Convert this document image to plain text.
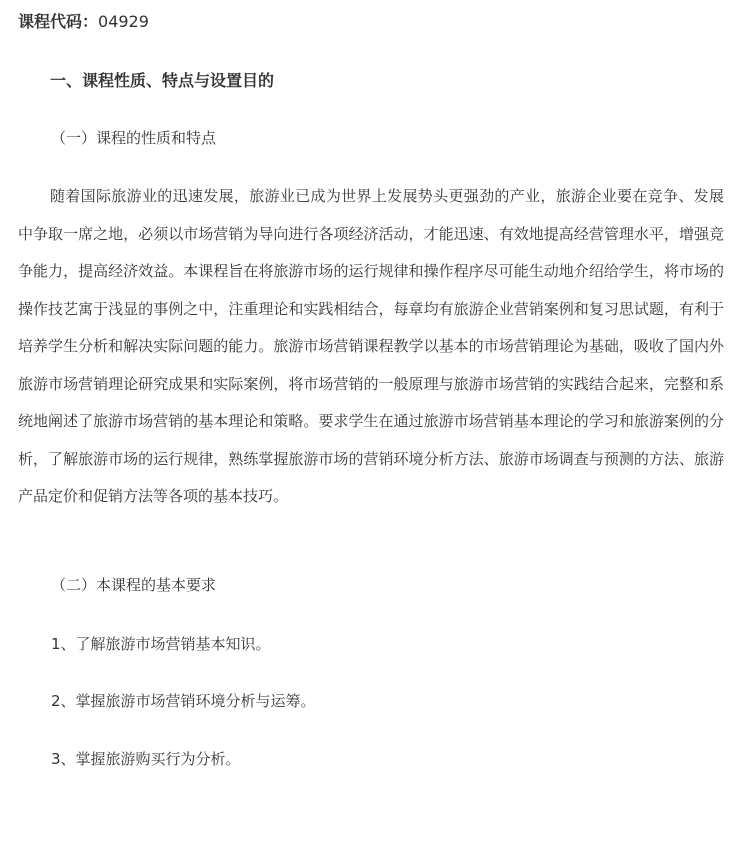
课程代码：04929
一、课程性质、特点与设置目的
（一）课程的性质和特点
随着国际旅游业的迅速发展，旅游业已成为世界上发展势头更强劲的产业，旅游企业要在竞争、发展中争取一席之地，必须以市场营销为导向进行各项经济活动，才能迅速、有效地提高经营管理水平，增强竞争能力，提高经济效益。本课程旨在将旅游市场的运行规律和操作程序尽可能生动地介绍给学生，将市场的操作技艺寓于浅显的事例之中，注重理论和实践相结合，每章均有旅游企业营销案例和复习思试题，有利于培养学生分析和解决实际问题的能力。旅游市场营销课程教学以基本的市场营销理论为基础，吸收了国内外旅游市场营销理论研究成果和实际案例，将市场营销的一般原理与旅游市场营销的实践结合起来，完整和系统地阐述了旅游市场营销的基本理论和策略。要求学生在通过旅游市场营销基本理论的学习和旅游案例的分析，了解旅游市场的运行规律，熟练掌握旅游市场的营销环境分析方法、旅游市场调查与预测的方法、旅游产品定价和促销方法等各项的基本技巧。
（二）本课程的基本要求
1、了解旅游市场营销基本知识。
2、掌握旅游市场营销环境分析与运筹。
3、掌握旅游购买行为分析。
